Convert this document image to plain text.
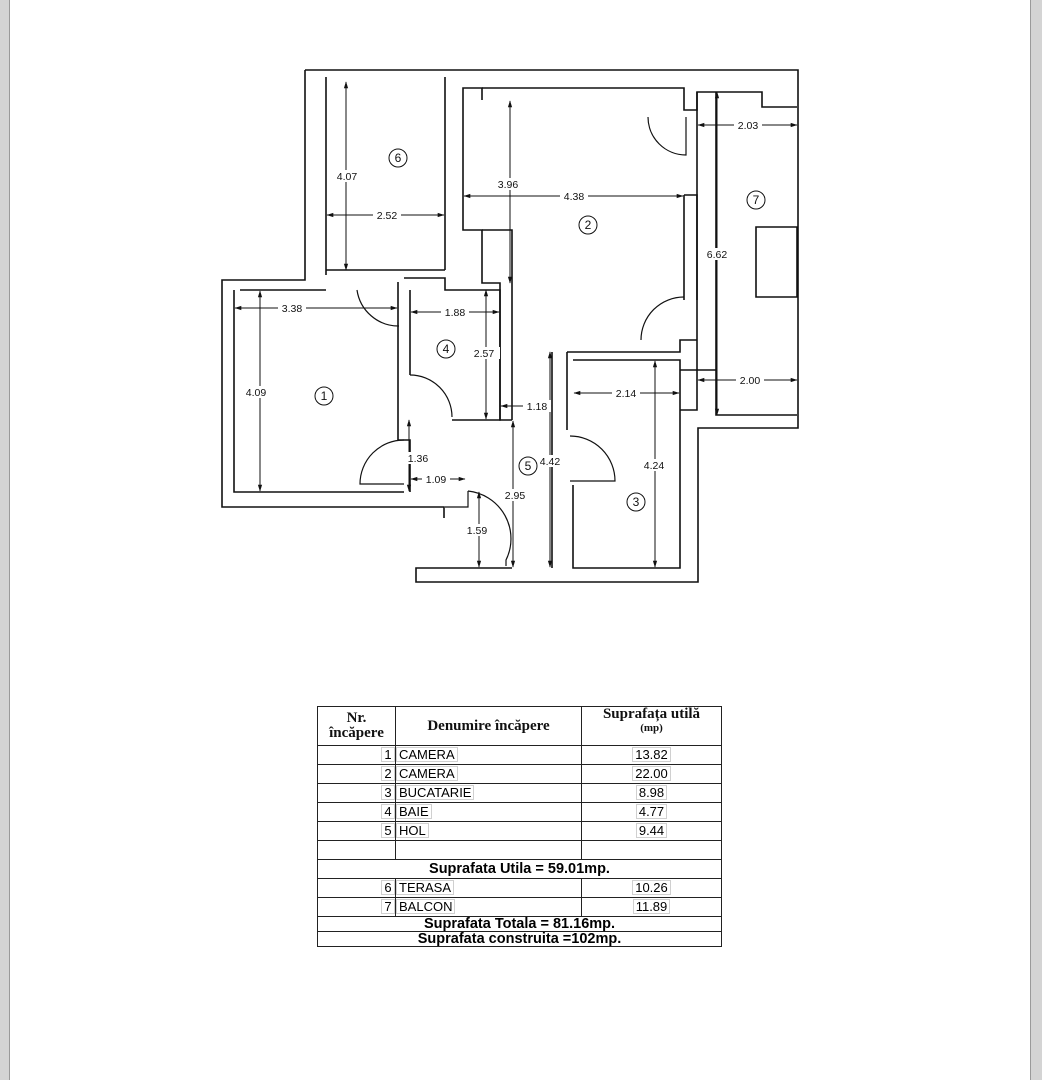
4.07
2.52
3.96
4.38
2.03
6.62
3.38	1.88
2.57
4.09
1.18
2.14
2.00
1.36	4.42	4.24
1.09
2.95
1.59
6
2
7
4
1
5
3
Nr.
încăpere	Denumire încăpere	Suprafața utilă
(mp)

1	CAMERA	13.82
2	CAMERA	22.00
3	BUCATARIE	8.98
4	BAIE	4.77
5	HOL	9.44

Suprafata Utila = 59.01mp.		
6	TERASA	10.26
7	BALCON	11.89
Suprafata Totala = 81.16mp.		
Suprafata construita =102mp.		
